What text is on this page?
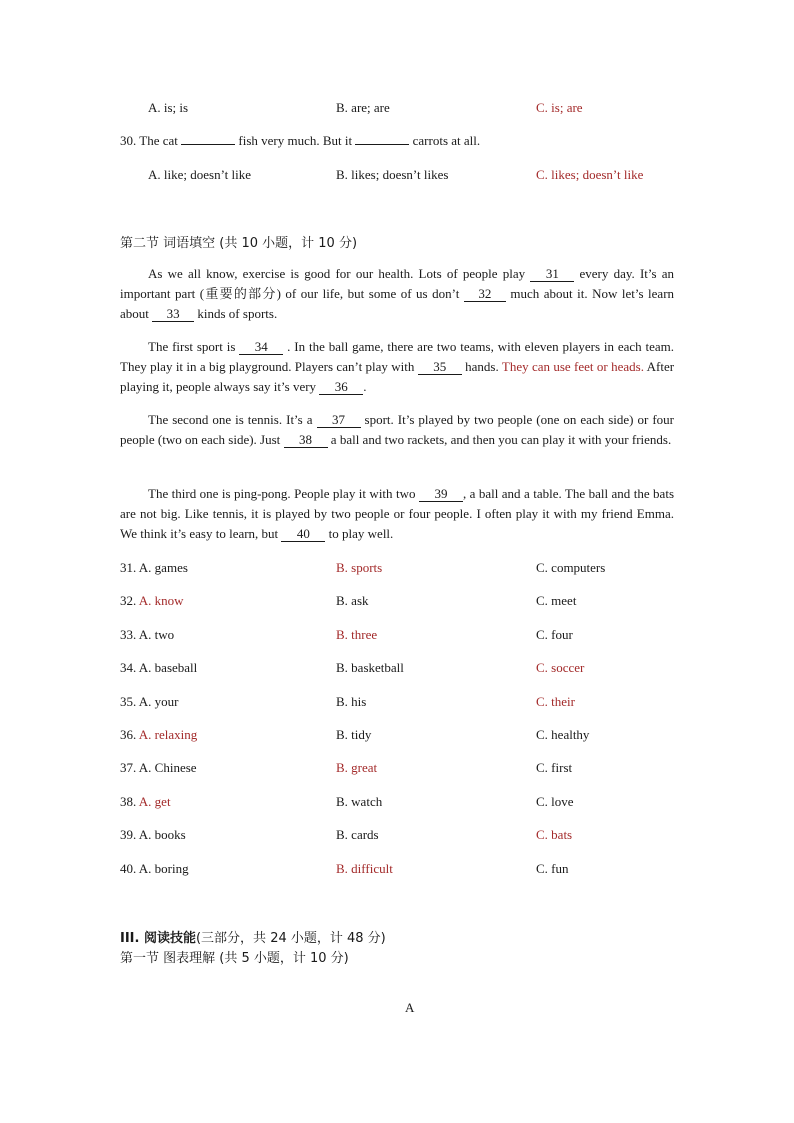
A. is; is	B. are; are	C. is; are
30. The cat	fish very much. But it	carrots at all.
A. like; doesn’t like	B. likes; doesn’t likes	C. likes; doesn’t like
第二节 词语填空 (共 10 小题，计 10 分)
As we all know, exercise is good for our health. Lots of people play 31 every day. It’s an important part (重要的部分) of our life, but some of us don’t 32 much about it. Now let’s learn about 33 kinds of sports.
The first sport is 34 . In the ball game, there are two teams, with eleven players in each team. They play it in a big playground. Players can’t play with 35 hands. They can use feet or heads. After playing it, people always say it’s very 36 .
The second one is tennis. It’s a 37 sport. It’s played by two people (one on each side) or four people (two on each side). Just 38 a ball and two rackets, and then you can play it with your friends.
The third one is ping-pong. People play it with two 39 , a ball and a table. The ball and the bats are not big. Like tennis, it is played by two people or four people. I often play it with my friend Emma. We think it’s easy to learn, but 40 to play well.
31. A. games	B. sports	C. computers
32. A. know	B. ask	C. meet
33. A. two	B. three	C. four
34. A. baseball	B. basketball	C. soccer
35. A. your	B. his	C. their
36. A. relaxing	B. tidy	C. healthy
37. A. Chinese	B. great	C. first
38. A. get	B. watch	C. love
39. A. books	B. cards	C. bats
40. A. boring	B. difficult	C. fun
III. 阅读技能(三部分，共 24 小题，计 48 分)
第一节 图表理解 (共 5 小题，计 10 分)
A
